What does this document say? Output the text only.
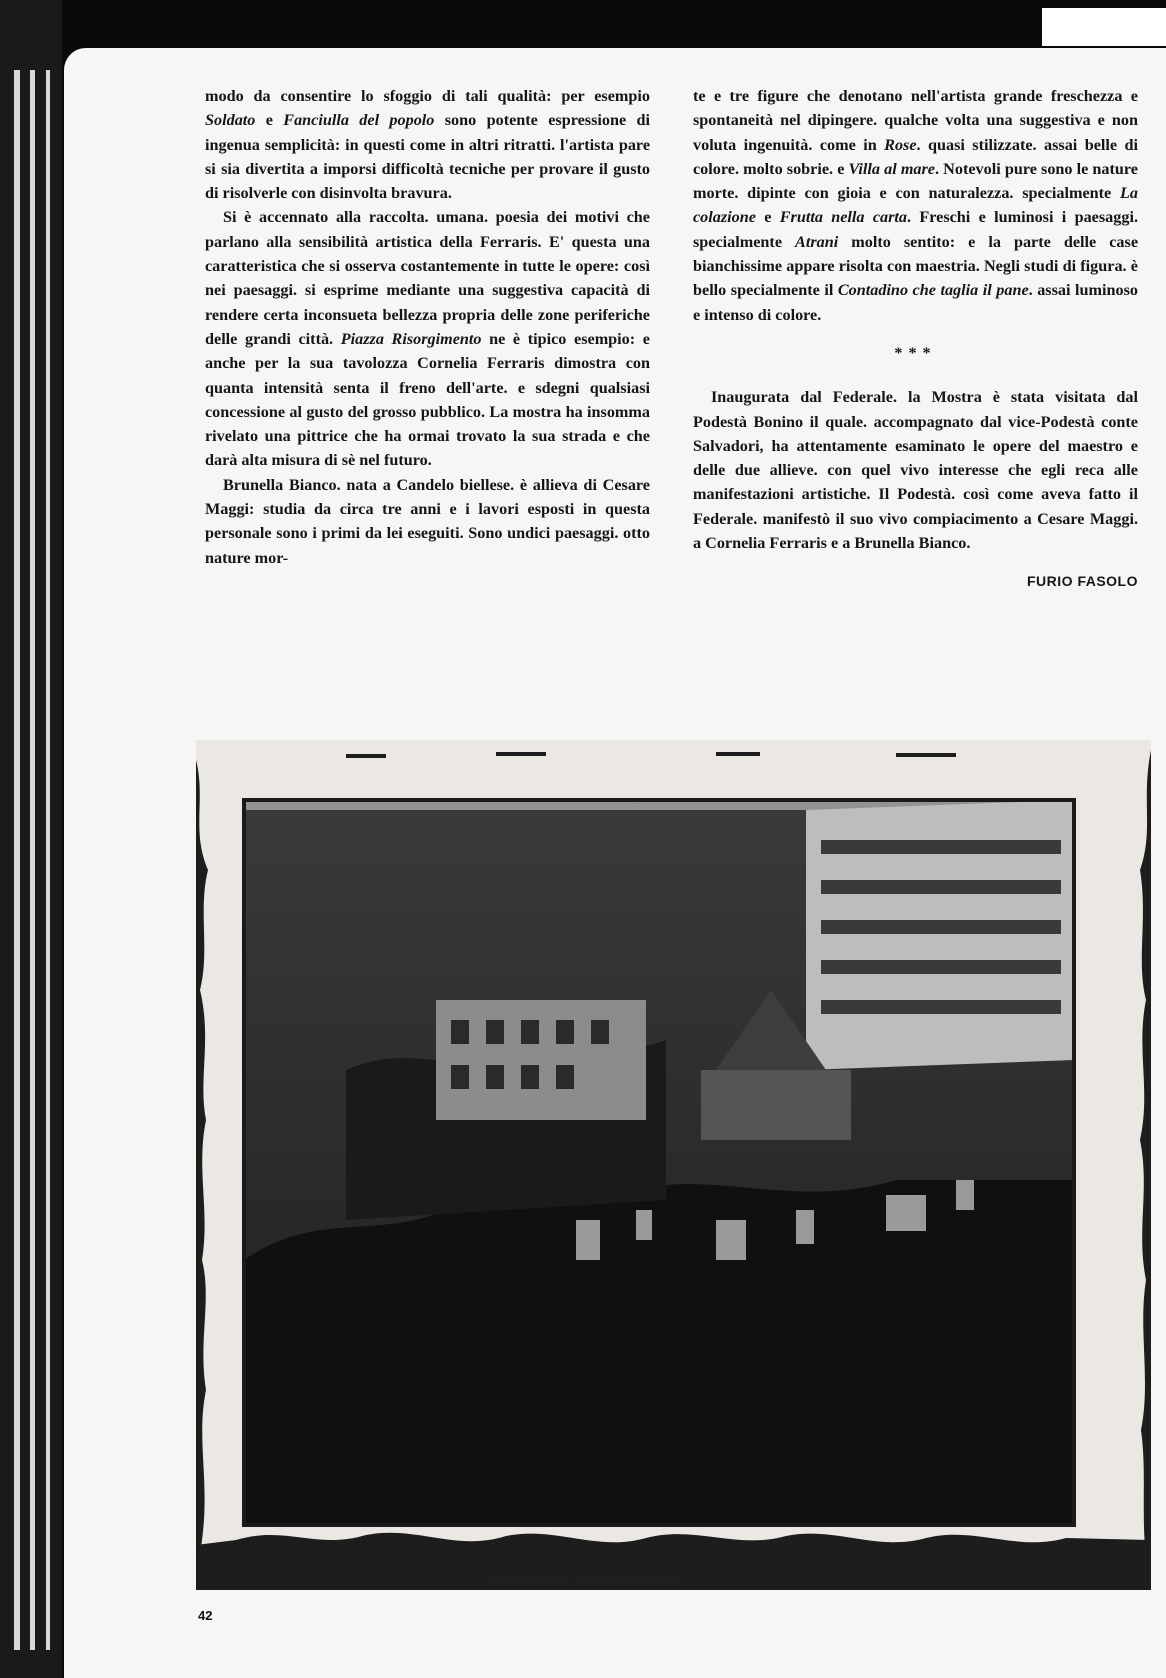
modo da consentire lo sfoggio di tali qualità: per esempio Soldato e Fanciulla del popolo sono potente espressione di ingenua semplicità: in questi come in altri ritratti. l'artista pare si sia divertita a imporsi difficoltà tecniche per provare il gusto di risolverle con disinvolta bravura.

Si è accennato alla raccolta. umana. poesia dei motivi che parlano alla sensibilità artistica della Ferraris. E' questa una caratteristica che si osserva costantemente in tutte le opere: così nei paesaggi. si esprime mediante una suggestiva capacità di rendere certa inconsueta bellezza propria delle zone periferiche delle grandi città. Piazza Risorgimento ne è tipico esempio: e anche per la sua tavolozza Cornelia Ferraris dimostra con quanta intensità senta il freno dell'arte. e sdegni qualsiasi concessione al gusto del grosso pubblico. La mostra ha insomma rivelato una pittrice che ha ormai trovato la sua strada e che darà alta misura di sè nel futuro.

Brunella Bianco. nata a Candelo biellese. è allieva di Cesare Maggi: studia da circa tre anni e i lavori esposti in questa personale sono i primi da lei eseguiti. Sono undici paesaggi. otto nature mor-

te e tre figure che denotano nell'artista grande freschezza e spontaneità nel dipingere. qualche volta una suggestiva e non voluta ingenuità. come in Rose. quasi stilizzate. assai belle di colore. molto sobrie. e Villa al mare. Notevoli pure sono le nature morte. dipinte con gioia e con naturalezza. specialmente La colazione e Frutta nella carta. Freschi e luminosi i paesaggi. specialmente Atrani molto sentito: e la parte delle case bianchissime appare risolta con maestria. Negli studi di figura. è bello specialmente il Contadino che taglia il pane. assai luminoso e intenso di colore.

***

Inaugurata dal Federale. la Mostra è stata visitata dal Podestà Bonino il quale. accompagnato dal vice-Podestà conte Salvadori, ha attentamente esaminato le opere del maestro e delle due allieve. con quel vivo interesse che egli reca alle manifestazioni artistiche. Il Podestà. così come aveva fatto il Federale. manifestò il suo vivo compiacimento a Cesare Maggi. a Cornelia Ferraris e a Brunella Bianco.

FURIO FASOLO

Cornelia Ferraris - Piazza Risorgimento
42
